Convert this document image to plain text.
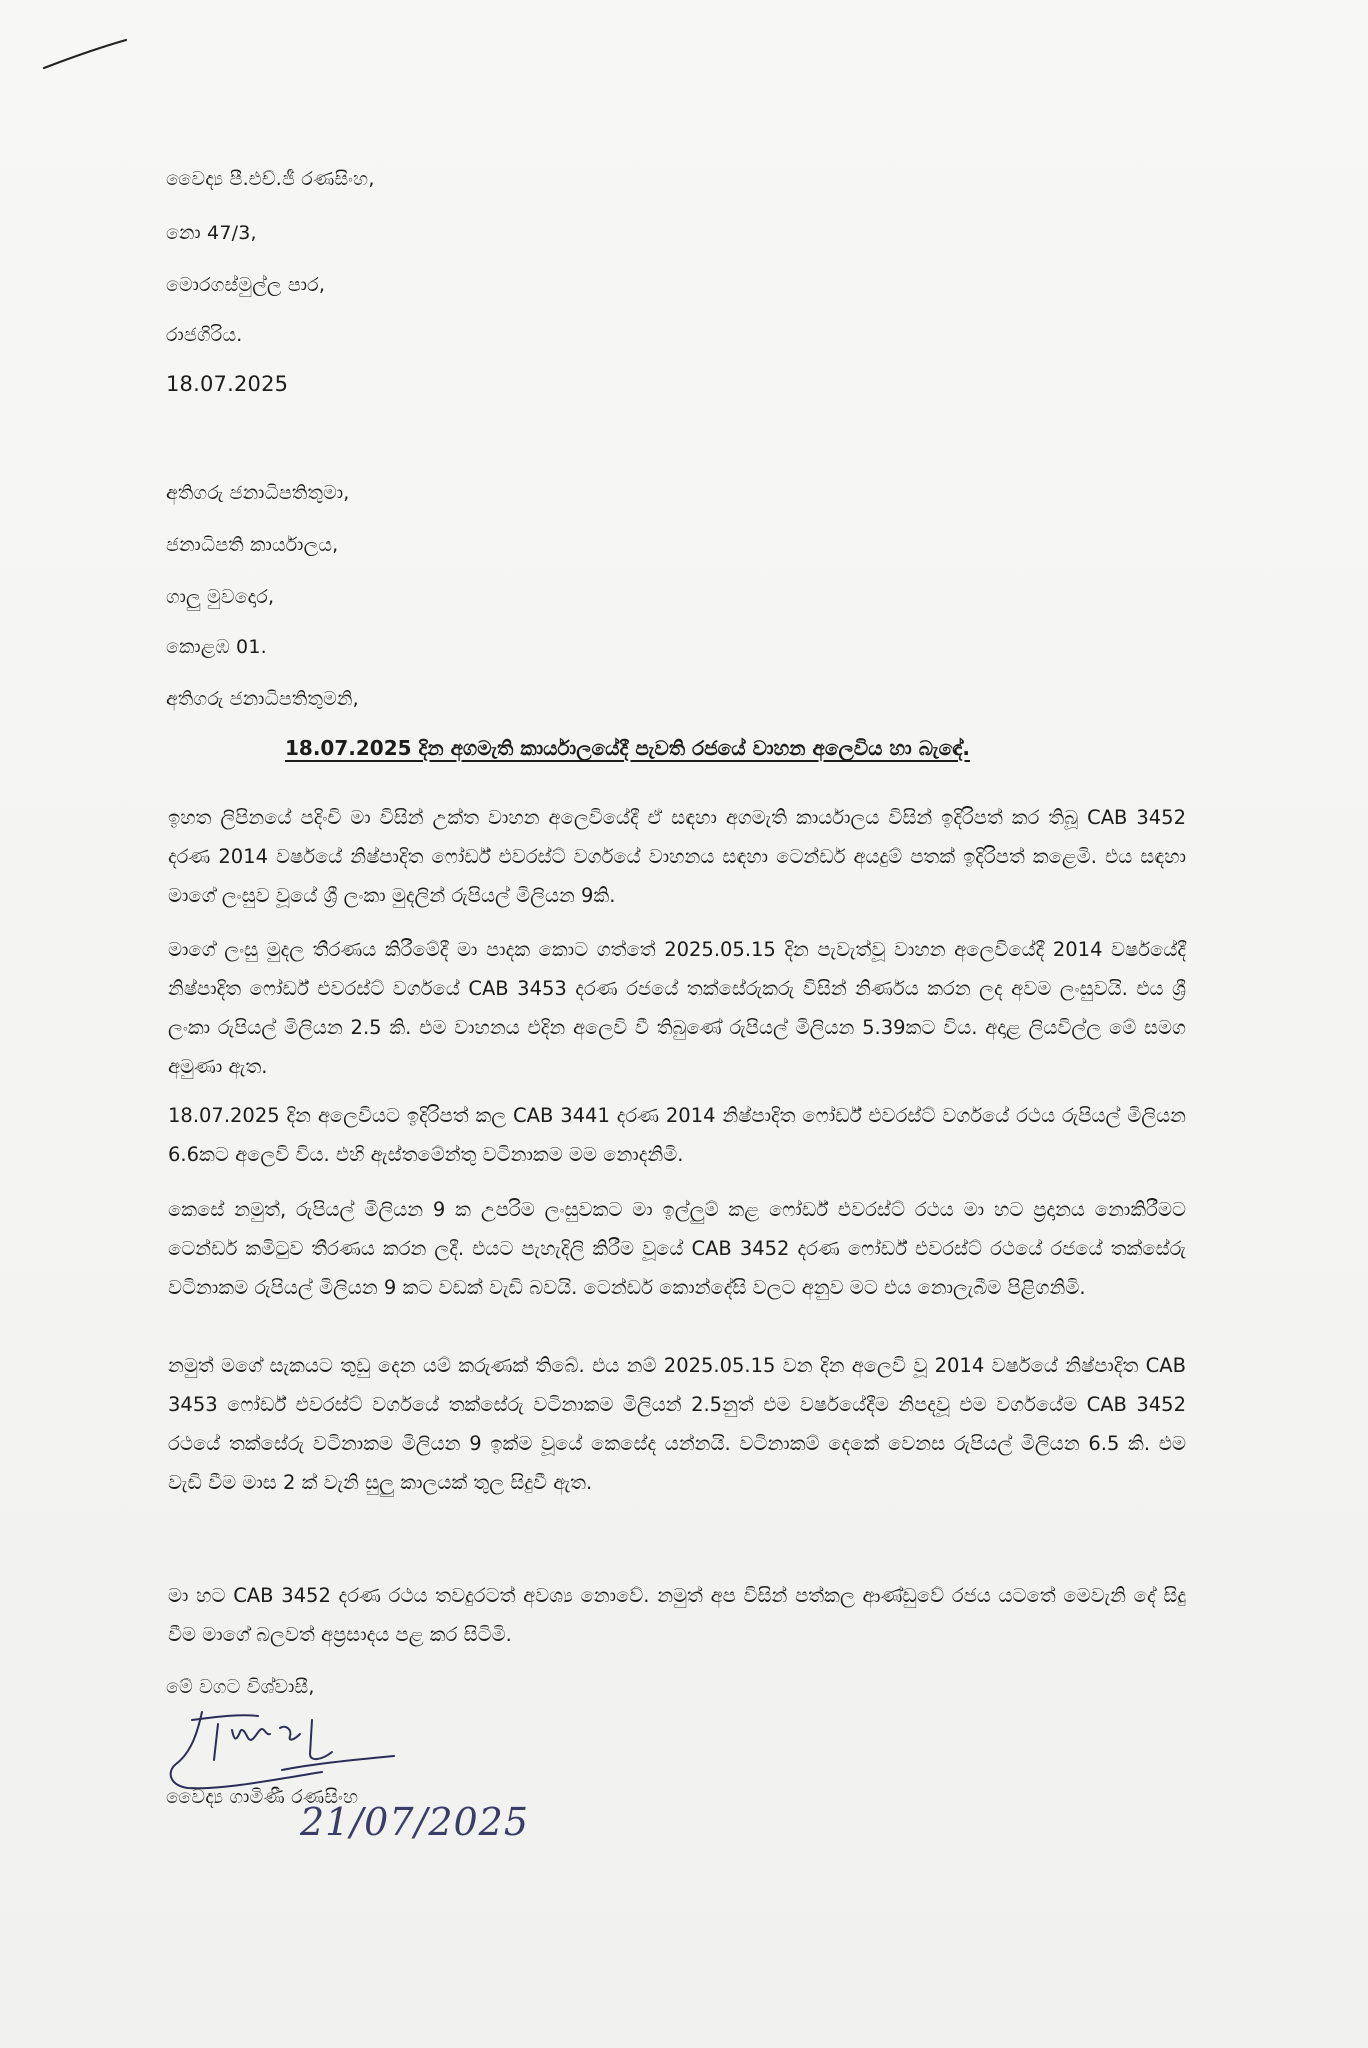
වෛද්‍ය පී.එච්.ජී රණසිංහ,
නො 47/3,
මොරගස්මුල්ල පාර,
රාජගිරිය.
18.07.2025
අතිගරු ජනාධිපතිතුමා,
ජනාධිපති කාර්යාලය,
ගාලු මුවදොර,
කොළඹ 01.
අතිගරු ජනාධිපතිතුමනි,
18.07.2025 දින අගමැති කාර්යාලයේදී පැවති රජයේ වාහන අලෙවිය හා බැඳේ.
ඉහත ලිපිනයේ පදිංචි මා විසින් උක්ත වාහන අලෙවියේදී ඒ සඳහා අගමැති කාර්යාලය විසින් ඉදිරිපත් කර තිබූ CAB 3452 දරණ 2014 වර්ෂයේ නිෂ්පාදිත ෆෝර්ඩ් එවරස්ට් වර්ගයේ වාහනය සඳහා ටෙන්ඩර් අයදුම් පතක් ඉදිරිපත් කළෙමි. එය සඳහා මාගේ ලංසුව වූයේ ශ්‍රී ලංකා මුදලින් රුපියල් මිලියන 9කි.
මාගේ ලංසු මුදල තීරණය කිරීමේදී මා පාදක කොට ගත්තේ 2025.05.15 දින පැවැත්වූ වාහන අලෙවියේදී 2014 වර්ෂයේදී නිෂ්පාදිත ෆෝර්ඩ් එවරස්ට් වර්ගයේ CAB 3453 දරණ රජයේ තක්සේරුකරු විසින් නිර්ණය කරන ලද අවම ලංසුවයි. එය ශ්‍රී ලංකා රුපියල් මිලියන 2.5 කි. එම වාහනය එදින අලෙවි වී තිබුණේ රුපියල් මිලියන 5.39කට විය. අදාළ ලියවිල්ල මේ සමග අමුණා ඇත.
18.07.2025 දින අලෙවියට ඉදිරිපත් කල CAB 3441 දරණ 2014 නිෂ්පාදිත ෆෝර්ඩ් එවරස්ට් වර්ගයේ රථය රුපියල් මිලියන 6.6කට අලෙවි විය. එහි ඇස්තමේන්තු වටිනාකම මම නොදනිමි.
කෙසේ නමුත්, රුපියල් මිලියන 9 ක උපරිම ලංසුවකට මා ඉල්ලුම් කළ ෆෝර්ඩ් එවරස්ට් රථය මා හට ප්‍රදානය නොකිරීමට ටෙන්ඩර් කමිටුව තීරණය කරන ලදී. එයට පැහැදිලි කිරීම වූයේ CAB 3452 දරණ ෆෝර්ඩ් එවරස්ට් රථයේ රජයේ තක්සේරු වටිනාකම රුපියල් මිලියන 9 කට වඩක් වැඩි බවයි. ටෙන්ඩර් කොන්දේසි වලට අනුව මට එය නොලැබීම පිළිගනිමි.
නමුත් මගේ සැකයට තුඩු දෙන යම් කරුණක් තිබේ. එය නම් 2025.05.15 වන දින අලෙවි වූ 2014 වර්ෂයේ නිෂ්පාදිත CAB 3453 ෆෝර්ඩ් එවරස්ට් වර්ගයේ තක්සේරු වටිනාකම මිලියන් 2.5නුත් එම වර්ෂයේදීම නිපදවූ එම වර්ගයේම CAB 3452 රථයේ තක්සේරු වටිනාකම මිලියන 9 ඉක්ම වූයේ කෙසේද යන්නයි. වටිනාකම් දෙකේ වෙනස රුපියල් මිලියන 6.5 කි. එම වැඩි වීම මාස 2 ක් වැනි සුලු කාලයක් තුල සිදුවී ඇත.
මා හට CAB 3452 දරණ රථය තවදුරටත් අවශ්‍ය නොවේ. නමුත් අප විසින් පත්කල ආණ්ඩුවේ රජය යටතේ මෙවැනි දේ සිදු වීම මාගේ බලවත් අප්‍රසාදය පළ කර සිටිමි.
මේ වගට විශ්වාසී,
වෛද්‍ය ගාමිණී රණසිංහ
21/07/2025
